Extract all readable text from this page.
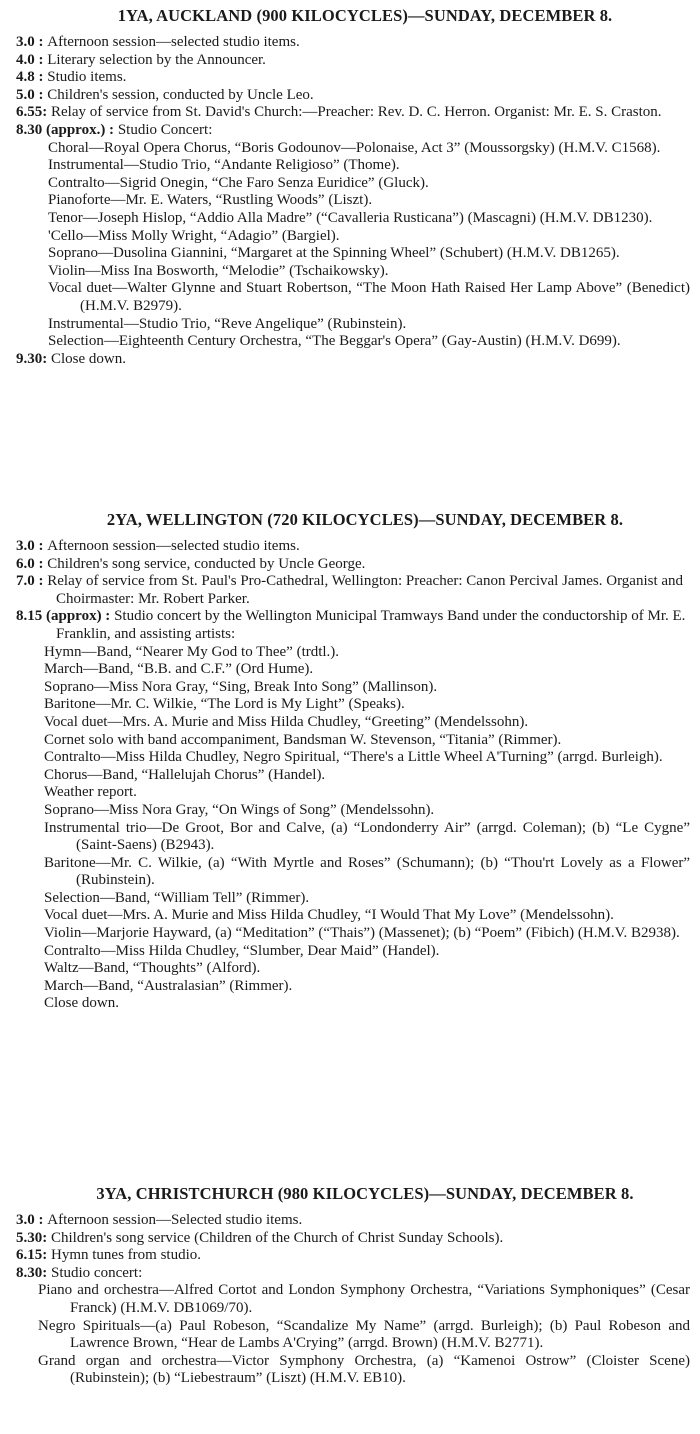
1YA, AUCKLAND (900 KILOCYCLES)—SUNDAY, DECEMBER 8.
3.0 : Afternoon session—selected studio items.
4.0 : Literary selection by the Announcer.
4.8 : Studio items.
5.0 : Children's session, conducted by Uncle Leo.
6.55: Relay of service from St. David's Church:—Preacher: Rev. D. C. Herron. Organist: Mr. E. S. Craston.
8.30 (approx.) : Studio Concert:
Choral—Royal Opera Chorus, “Boris Godounov—Polonaise, Act 3” (Moussorgsky) (H.M.V. C1568).
Instrumental—Studio Trio, “Andante Religioso” (Thome).
Contralto—Sigrid Onegin, “Che Faro Senza Euridice” (Gluck).
Pianoforte—Mr. E. Waters, “Rustling Woods” (Liszt).
Tenor—Joseph Hislop, “Addio Alla Madre” (“Cavalleria Rusticana”) (Mascagni) (H.M.V. DB1230).
'Cello—Miss Molly Wright, “Adagio” (Bargiel).
Soprano—Dusolina Giannini, “Margaret at the Spinning Wheel” (Schubert) (H.M.V. DB1265).
Violin—Miss Ina Bosworth, “Melodie” (Tschaikowsky).
Vocal duet—Walter Glynne and Stuart Robertson, “The Moon Hath Raised Her Lamp Above” (Benedict) (H.M.V. B2979).
Instrumental—Studio Trio, “Reve Angelique” (Rubinstein).
Selection—Eighteenth Century Orchestra, “The Beggar's Opera” (Gay-Austin) (H.M.V. D699).
9.30: Close down.
2YA, WELLINGTON (720 KILOCYCLES)—SUNDAY, DECEMBER 8.
3.0 : Afternoon session—selected studio items.
6.0 : Children's song service, conducted by Uncle George.
7.0 : Relay of service from St. Paul's Pro-Cathedral, Wellington: Preacher: Canon Percival James. Organist and Choirmaster: Mr. Robert Parker.
8.15 (approx) : Studio concert by the Wellington Municipal Tramways Band under the conductorship of Mr. E. Franklin, and assisting artists:
Hymn—Band, “Nearer My God to Thee” (trdtl.).
March—Band, “B.B. and C.F.” (Ord Hume).
Soprano—Miss Nora Gray, “Sing, Break Into Song” (Mallinson).
Baritone—Mr. C. Wilkie, “The Lord is My Light” (Speaks).
Vocal duet—Mrs. A. Murie and Miss Hilda Chudley, “Greeting” (Mendelssohn).
Cornet solo with band accompaniment, Bandsman W. Stevenson, “Titania” (Rimmer).
Contralto—Miss Hilda Chudley, Negro Spiritual, “There's a Little Wheel A'Turning” (arrgd. Burleigh).
Chorus—Band, “Hallelujah Chorus” (Handel).
Weather report.
Soprano—Miss Nora Gray, “On Wings of Song” (Mendelssohn).
Instrumental trio—De Groot, Bor and Calve, (a) “Londonderry Air” (arrgd. Coleman); (b) “Le Cygne” (Saint-Saens) (B2943).
Baritone—Mr. C. Wilkie, (a) “With Myrtle and Roses” (Schumann); (b) “Thou'rt Lovely as a Flower” (Rubinstein).
Selection—Band, “William Tell” (Rimmer).
Vocal duet—Mrs. A. Murie and Miss Hilda Chudley, “I Would That My Love” (Mendelssohn).
Violin—Marjorie Hayward, (a) “Meditation” (“Thais”) (Massenet); (b) “Poem” (Fibich) (H.M.V. B2938).
Contralto—Miss Hilda Chudley, “Slumber, Dear Maid” (Handel).
Waltz—Band, “Thoughts” (Alford).
March—Band, “Australasian” (Rimmer).
Close down.
3YA, CHRISTCHURCH (980 KILOCYCLES)—SUNDAY, DECEMBER 8.
3.0 : Afternoon session—Selected studio items.
5.30: Children's song service (Children of the Church of Christ Sunday Schools).
6.15: Hymn tunes from studio.
8.30: Studio concert:
Piano and orchestra—Alfred Cortot and London Symphony Orchestra, “Variations Symphoniques” (Cesar Franck) (H.M.V. DB1069/70).
Negro Spirituals—(a) Paul Robeson, “Scandalize My Name” (arrgd. Burleigh); (b) Paul Robeson and Lawrence Brown, “Hear de Lambs A'Crying” (arrgd. Brown) (H.M.V. B2771).
Grand organ and orchestra—Victor Symphony Orchestra, (a) “Kamenoi Ostrow” (Cloister Scene) (Rubinstein); (b) “Liebestraum” (Liszt) (H.M.V. EB10).
